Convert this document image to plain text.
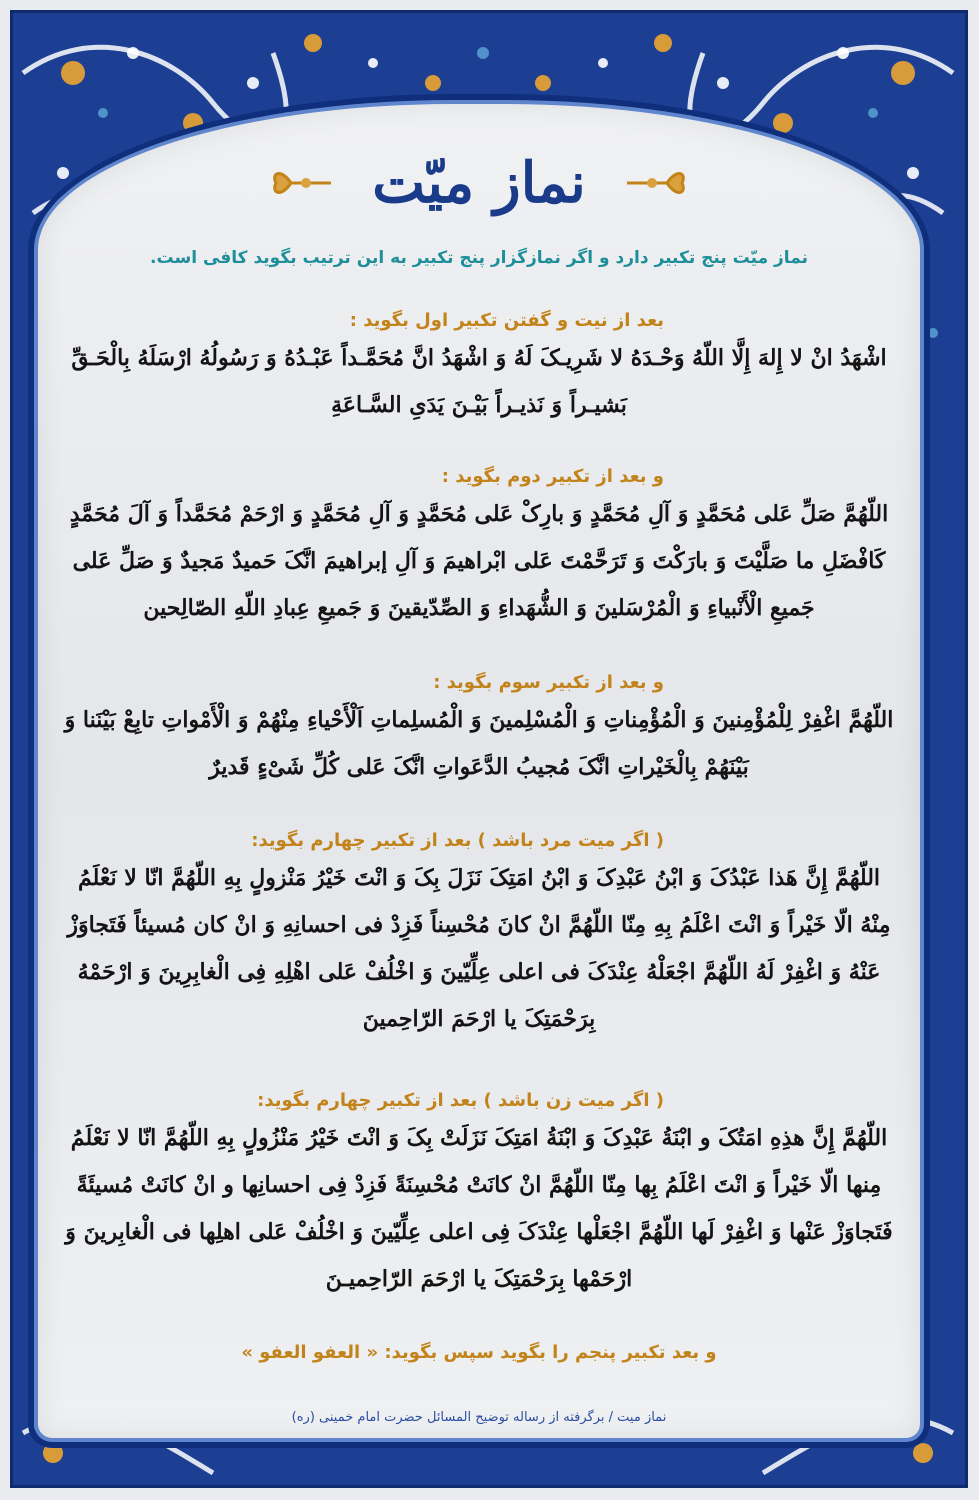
نماز میّت
نماز میّت پنج تکبیر دارد و اگر نمازگزار پنج تکبیر به این ترتیب بگوید کافی است.

بعد از نیت و گفتن تکبیر اول بگوید :

اشْهَدُ انْ لا إِلهَ إِلَّا اللّهُ وَحْـدَهُ لا شَرِیـکَ لَهُ وَ اشْهَدُ انَّ مُحَمَّـداً عَبْـدُهُ وَ رَسُولُهُ ارْسَلَهُ بِالْحَـقِّ بَشیـراً وَ نَذیـراً بَیْـنَ یَدَیِ السَّـاعَةِ

و بعد از تکبیر دوم بگوید :

اللّهُمَّ صَلِّ عَلی مُحَمَّدٍ وَ آلِ مُحَمَّدٍ وَ بارِکْ عَلی مُحَمَّدٍ وَ آلِ مُحَمَّدٍ وَ ارْحَمْ مُحَمَّداً وَ آلَ مُحَمَّدٍ کَافْضَلِ ما صَلَّیْتَ وَ بارَکْتَ وَ تَرَحَّمْتَ عَلی ابْراهیمَ وَ آلِ إبراهیمَ انَّکَ حَمیدٌ مَجیدٌ وَ صَلِّ عَلی جَمیعِ الْأَنْبیاءِ وَ الْمُرْسَلینَ وَ الشُّهَداءِ وَ الصِّدّیقینَ وَ جَمیعِ عِبادِ اللّهِ الصّالِحین

و بعد از تکبیر سوم بگوید :

اللّهُمَّ اغْفِرْ لِلْمُؤْمِنینَ وَ الْمُؤْمِناتِ وَ الْمُسْلِمینَ وَ الْمُسلِماتِ اَلْأَحْیاءِ مِنْهُمْ وَ الْأَمْواتِ تابِعْ بَیْنَنا وَ بَیْنَهُمْ بِالْخَیْراتِ انَّکَ مُجیبُ الدَّعَواتِ انَّکَ عَلی کُلِّ شَیْءٍ قَدیرٌ

( اگر میت مرد باشد ) بعد از تکبیر چهارم بگوید:

اللّهُمَّ إِنَّ هَذا عَبْدُکَ وَ ابْنُ عَبْدِکَ وَ ابْنُ امَتِکَ نَزَلَ بِکَ وَ انْتَ خَیْرُ مَنْزولٍ بِهِ اللّهُمَّ انّا لا نَعْلَمُ مِنْهُ الّا خَیْراً وَ انْتَ اعْلَمُ بِهِ مِنّا اللّهُمَّ انْ کانَ مُحْسِناً فَزِدْ فی احسانِهِ وَ انْ کان مُسیئاً فَتَجاوَزْ عَنْهُ وَ اغْفِرْ لَهُ اللّهُمَّ اجْعَلْهُ عِنْدَکَ فی اعلی عِلِّیّینَ وَ اخْلُفْ عَلی اهْلِهِ فِی الْغابِرِینَ وَ ارْحَمْهُ بِرَحْمَتِکَ یا ارْحَمَ الرّاحِمینَ

( اگر میت زن باشد ) بعد از تکبیر چهارم بگوید:

اللّهُمَّ إِنَّ هذِهِ امَتُکَ و ابْنَةُ عَبْدِکَ وَ ابْنَةُ امَتِکَ نَزَلَتْ بِکَ وَ انْتَ خَیْرُ مَنْزُولٍ بِهِ اللّهُمَّ انّا لا نَعْلَمُ مِنها الّا خَیْراً وَ انْتَ اعْلَمُ بِها مِنّا اللّهُمَّ انْ کانَتْ مُحْسِنَةً فَزِدْ فِی احسانِها و انْ کانَتْ مُسیئَةً فَتَجاوَزْ عَنْها وَ اغْفِرْ لَها اللّهُمَّ اجْعَلْها عِنْدَکَ فِی اعلی عِلِّیّینَ وَ اخْلُفْ عَلی اهلِها فی الْغابِرینَ وَ ارْحَمْها بِرَحْمَتِکَ یا ارْحَمَ الرّاحِمیـنَ

و بعد تکبیر پنجم را بگوید سپس بگوید: « العفو العفو »
نماز میت / برگرفته از رساله توضیح المسائل حضرت امام خمینی (ره)
